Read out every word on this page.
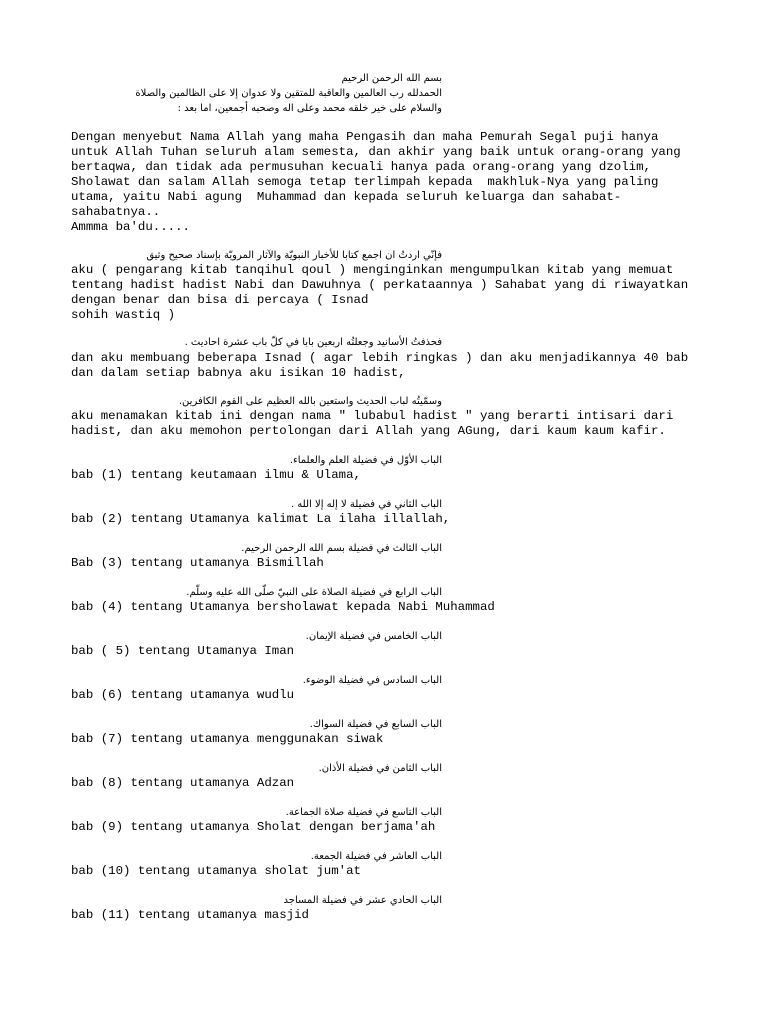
بسم الله الرحمن الرحيم
الحمدلله رب العالمين والعاقبة للمتقين ولا عدوان إلا على الظالمين والصلاة
والسلام على خير خلقه محمد وعلى اله وصحبه أجمعين، اما بعد :
Dengan menyebut Nama Allah yang maha Pengasih dan maha Pemurah Segal puji hanya
untuk Allah Tuhan seluruh alam semesta, dan akhir yang baik untuk orang-orang yang
bertaqwa, dan tidak ada permusuhan kecuali hanya pada orang-orang yang dzolim,
Sholawat dan salam Allah semoga tetap terlimpah kepada  makhluk-Nya yang paling
utama, yaitu Nabi agung  Muhammad dan kepada seluruh keluarga dan sahabat-
sahabatnya..
Ammma ba'du.....
فإنّي اردتُ ان اجمع كتابا للأخبار النبويّة والآثار المرويّة بإسناد صحيح وثيق
aku ( pengarang kitab tanqihul qoul ) menginginkan mengumpulkan kitab yang memuat
tentang hadist hadist Nabi dan Dawuhnya ( perkataannya ) Sahabat yang di riwayatkan
dengan benar dan bisa di percaya ( Isnad
sohih wastiq )
فحذفتُ الأسانيد وجعلتُه اربعين بابا في كلّ باب عشرة احاديث .
dan aku membuang beberapa Isnad ( agar lebih ringkas ) dan aku menjadikannya 40 bab
dan dalam setiap babnya aku isikan 10 hadist,
وسمّيتُه لباب الحديث واستعين بالله العظيم على القوم الكافرين.
aku menamakan kitab ini dengan nama " lubabul hadist " yang berarti intisari dari
hadist, dan aku memohon pertolongan dari Allah yang AGung, dari kaum kaum kafir.
الباب الأوّل في فضيلة العلم والعلماء.
bab (1) tentang keutamaan ilmu & Ulama,
الباب الثاني في فضيلة لا إله إلا الله .
bab (2) tentang Utamanya kalimat La ilaha illallah,
الباب الثالث في فضيلة بسم الله الرحمن الرحيم.
Bab (3) tentang utamanya Bismillah
الباب الرابع في فضيلة الصلاة على النبيّ صلّى الله عليه وسلّم.
bab (4) tentang Utamanya bersholawat kepada Nabi Muhammad
الباب الخامس في فضيلة الإيمان.
bab ( 5) tentang Utamanya Iman
الباب السادس في فضيلة الوضوء.
bab (6) tentang utamanya wudlu
الباب السابع في فضيلة السواك.
bab (7) tentang utamanya menggunakan siwak
الباب الثامن في فضيلة الأذان.
bab (8) tentang utamanya Adzan
الباب التاسع في فضيلة صلاة الجماعة.
bab (9) tentang utamanya Sholat dengan berjama'ah
الباب العاشر في فضيلة الجمعة.
bab (10) tentang utamanya sholat jum'at
الباب الحادي عشر في فضيلة المساجد
bab (11) tentang utamanya masjid
